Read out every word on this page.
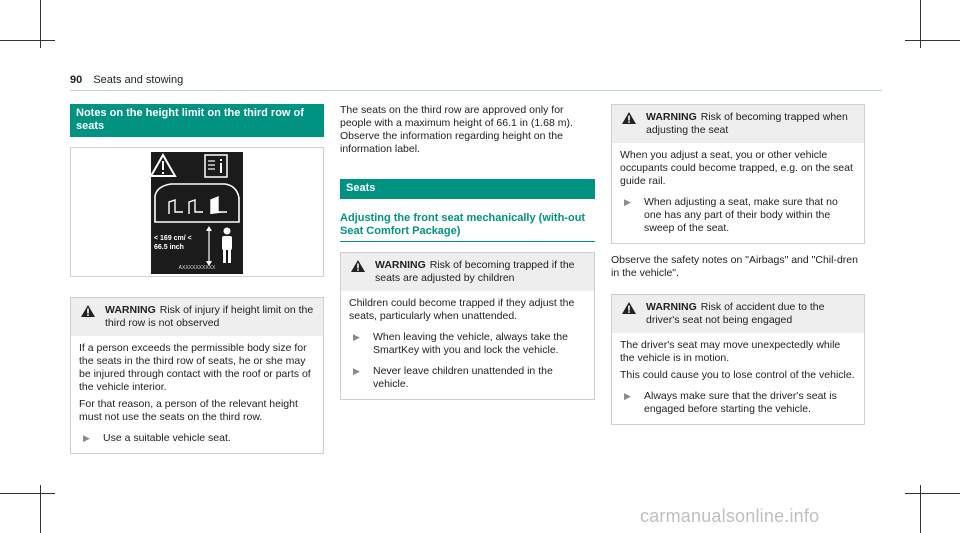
90 Seats and stowing
Notes on the height limit on the third row of seats
< 169 cm/ < 66.5 inch
AXXXXXXXXXX
WARNING Risk of injury if height limit on the third row is not observed

If a person exceeds the permissible body size for the seats in the third row of seats, he or she may be injured through contact with the roof or parts of the vehicle interior.

For that reason, a person of the relevant height must not use the seats on the third row.

▶	Use a suitable vehicle seat.

The seats on the third row are approved only for people with a maximum height of 66.1 in (1.68 m). Observe the information regarding height on the information label.

Seats
Adjusting the front seat mechanically (with-out Seat Comfort Package)
WARNING Risk of becoming trapped if the seats are adjusted by children

Children could become trapped if they adjust the seats, particularly when unattended.

▶	When leaving the vehicle, always take the SmartKey with you and lock the vehicle.
▶	Never leave children unattended in the vehicle.
WARNING Risk of becoming trapped when adjusting the seat

When you adjust a seat, you or other vehicle occupants could become trapped, e.g. on the seat guide rail.

▶	When adjusting a seat, make sure that no one has any part of their body within the sweep of the seat.

Observe the safety notes on "Airbags" and "Chil-dren in the vehicle".

WARNING Risk of accident due to the driver's seat not being engaged

The driver's seat may move unexpectedly while the vehicle is in motion.

This could cause you to lose control of the vehicle.

▶	Always make sure that the driver's seat is engaged before starting the vehicle.
carmanualsonline.info
